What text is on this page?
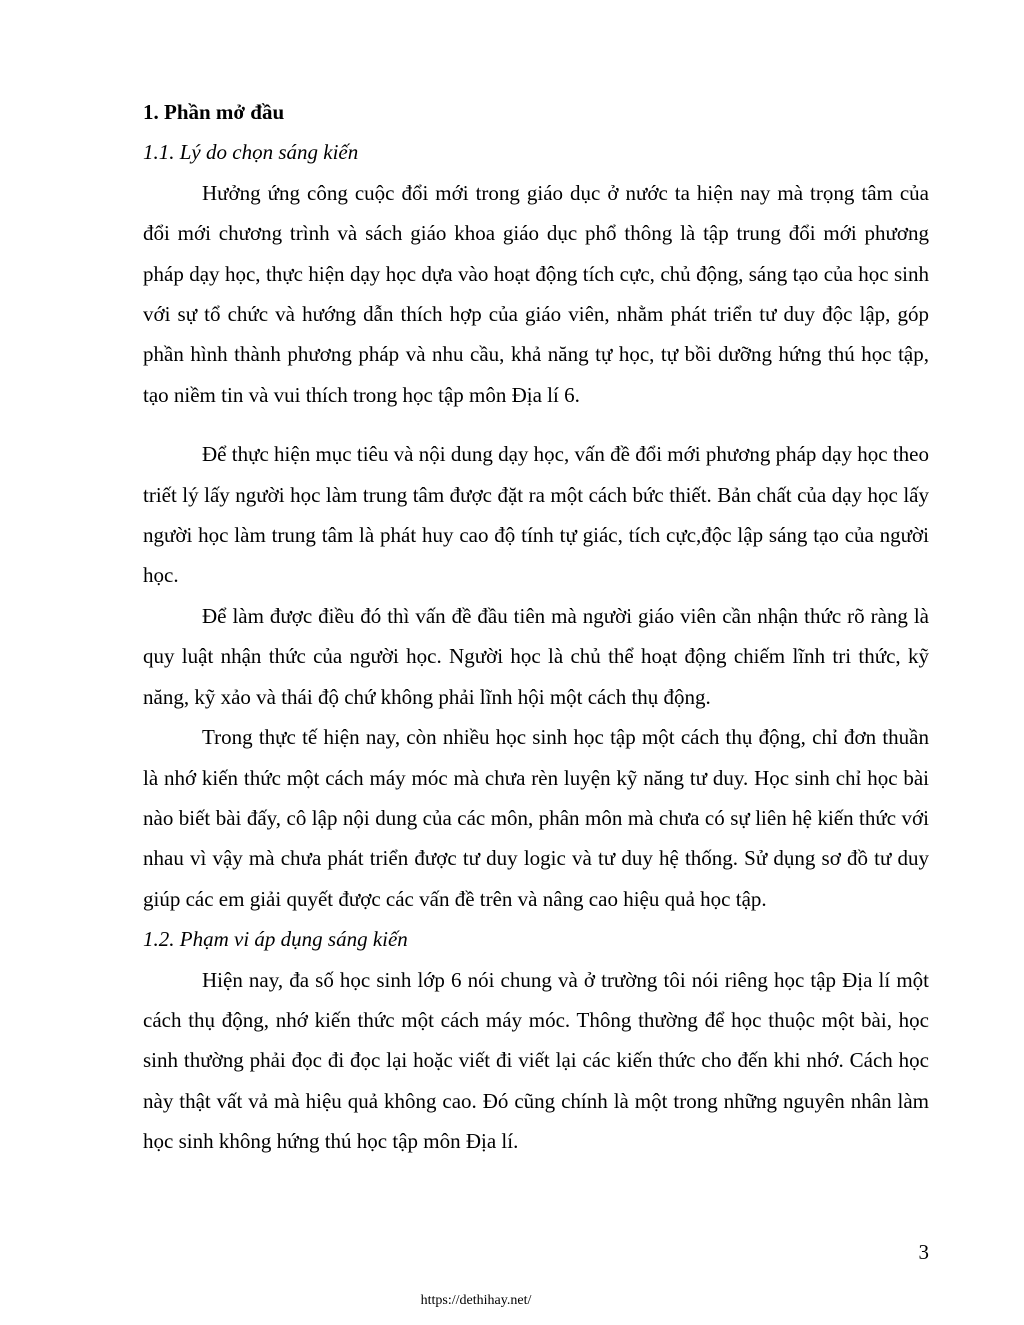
1. Phần mở đầu

1.1. Lý do chọn sáng kiến

Hưởng ứng công cuộc đổi mới trong giáo dục ở nước ta hiện nay mà trọng tâm của đổi mới chương trình và sách giáo khoa giáo dục phổ thông là tập trung đổi mới phương pháp dạy học, thực hiện dạy học dựa vào hoạt động tích cực, chủ động, sáng tạo của học sinh với sự tổ chức và hướng dẫn thích hợp của giáo viên, nhằm phát triển tư duy độc lập, góp phần hình thành phương pháp và nhu cầu, khả năng tự học, tự bồi dưỡng hứng thú học tập, tạo niềm tin và vui thích trong học tập môn Địa lí 6.

Để thực hiện mục tiêu và nội dung dạy học, vấn đề đổi mới phương pháp dạy học theo triết lý lấy người học làm trung tâm được đặt ra một cách bức thiết. Bản chất của dạy học lấy người học làm trung tâm là phát huy cao độ tính tự giác, tích cực,độc lập sáng tạo của người học.

Để làm được điều đó thì vấn đề đầu tiên mà người giáo viên cần nhận thức rõ ràng là quy luật nhận thức của người học. Người học là chủ thể hoạt động chiếm lĩnh tri thức, kỹ năng, kỹ xảo và thái độ chứ không phải lĩnh hội một cách thụ động.

Trong thực tế hiện nay, còn nhiều học sinh học tập một cách thụ động, chỉ đơn thuần là nhớ kiến thức một cách máy móc mà chưa rèn luyện kỹ năng tư duy. Học sinh chỉ học bài nào biết bài đấy, cô lập nội dung của các môn, phân môn mà chưa có sự liên hệ kiến thức với nhau vì vậy mà chưa phát triển được tư duy logic và tư duy hệ thống. Sử dụng sơ đồ tư duy giúp các em giải quyết được các vấn đề trên và nâng cao hiệu quả học tập.

1.2. Phạm vi áp dụng sáng kiến

Hiện nay, đa số học sinh lớp 6 nói chung và ở trường tôi nói riêng học tập Địa lí một cách thụ động, nhớ kiến thức một cách máy móc. Thông thường để học thuộc một bài, học sinh thường phải đọc đi đọc lại hoặc viết đi viết lại các kiến thức cho đến khi nhớ. Cách học này thật vất vả mà hiệu quả không cao. Đó cũng chính là một trong những nguyên nhân làm học sinh không hứng thú học tập môn Địa lí.

3
https://dethihay.net/
